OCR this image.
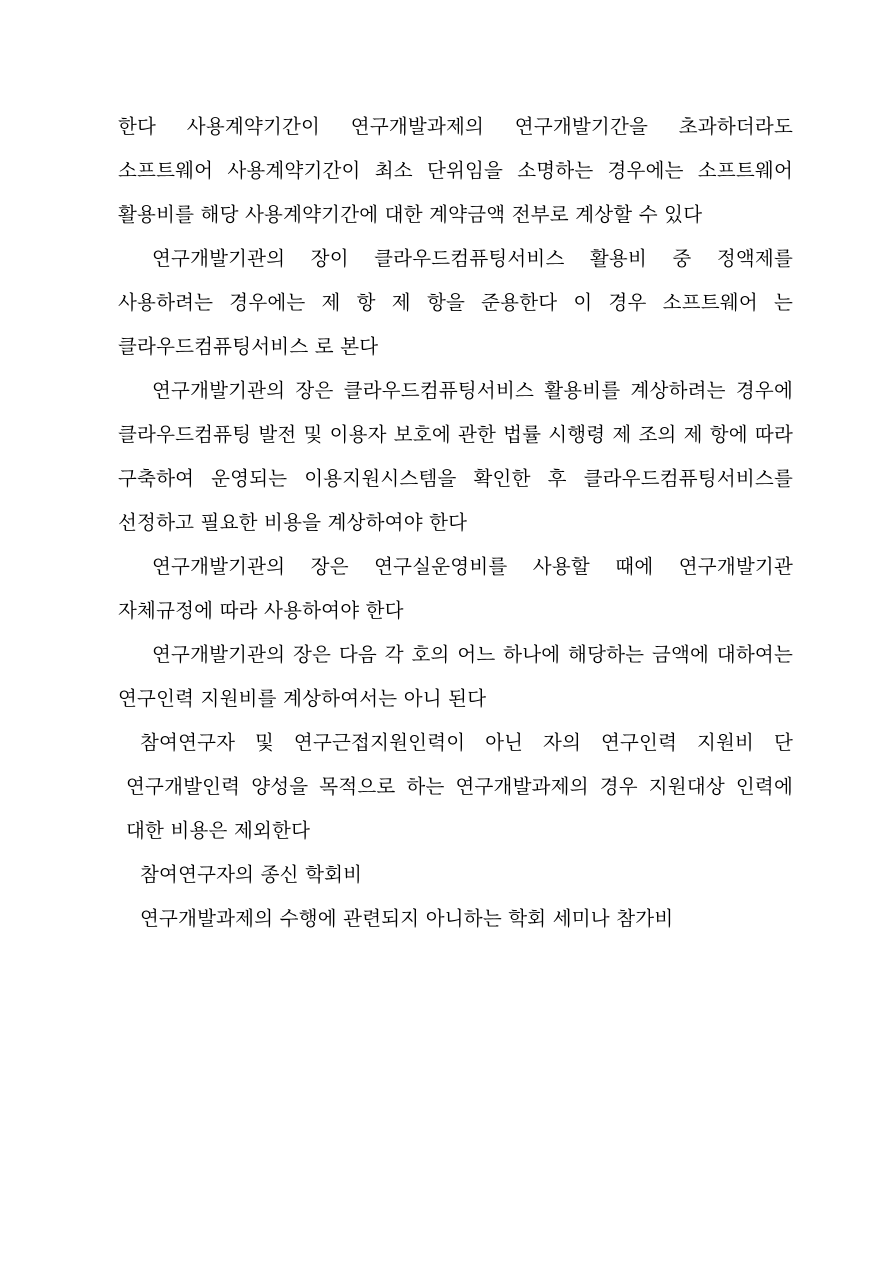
한다 사용계약기간이 연구개발과제의 연구개발기간을 초과하더라도 소프트웨어 사용계약기간이 최소 단위임을 소명하는 경우에는 소프트웨어 활용비를 해당 사용계약기간에 대한 계약금액 전부로 계상할 수 있다

연구개발기관의 장이 클라우드컴퓨팅서비스 활용비 중 정액제를 사용하려는 경우에는 제 항 제 항을 준용한다 이 경우 소프트웨어 는 클라우드컴퓨팅서비스 로 본다

연구개발기관의 장은 클라우드컴퓨팅서비스 활용비를 계상하려는 경우에 클라우드컴퓨팅 발전 및 이용자 보호에 관한 법률 시행령 제 조의 제 항에 따라 구축하여 운영되는 이용지원시스템을 확인한 후 클라우드컴퓨팅서비스를 선정하고 필요한 비용을 계상하여야 한다

연구개발기관의 장은 연구실운영비를 사용할 때에 연구개발기관 자체규정에 따라 사용하여야 한다

연구개발기관의 장은 다음 각 호의 어느 하나에 해당하는 금액에 대하여는 연구인력 지원비를 계상하여서는 아니 된다

참여연구자 및 연구근접지원인력이 아닌 자의 연구인력 지원비 단 연구개발인력 양성을 목적으로 하는 연구개발과제의 경우 지원대상 인력에 대한 비용은 제외한다

참여연구자의 종신 학회비

연구개발과제의 수행에 관련되지 아니하는 학회 세미나 참가비
